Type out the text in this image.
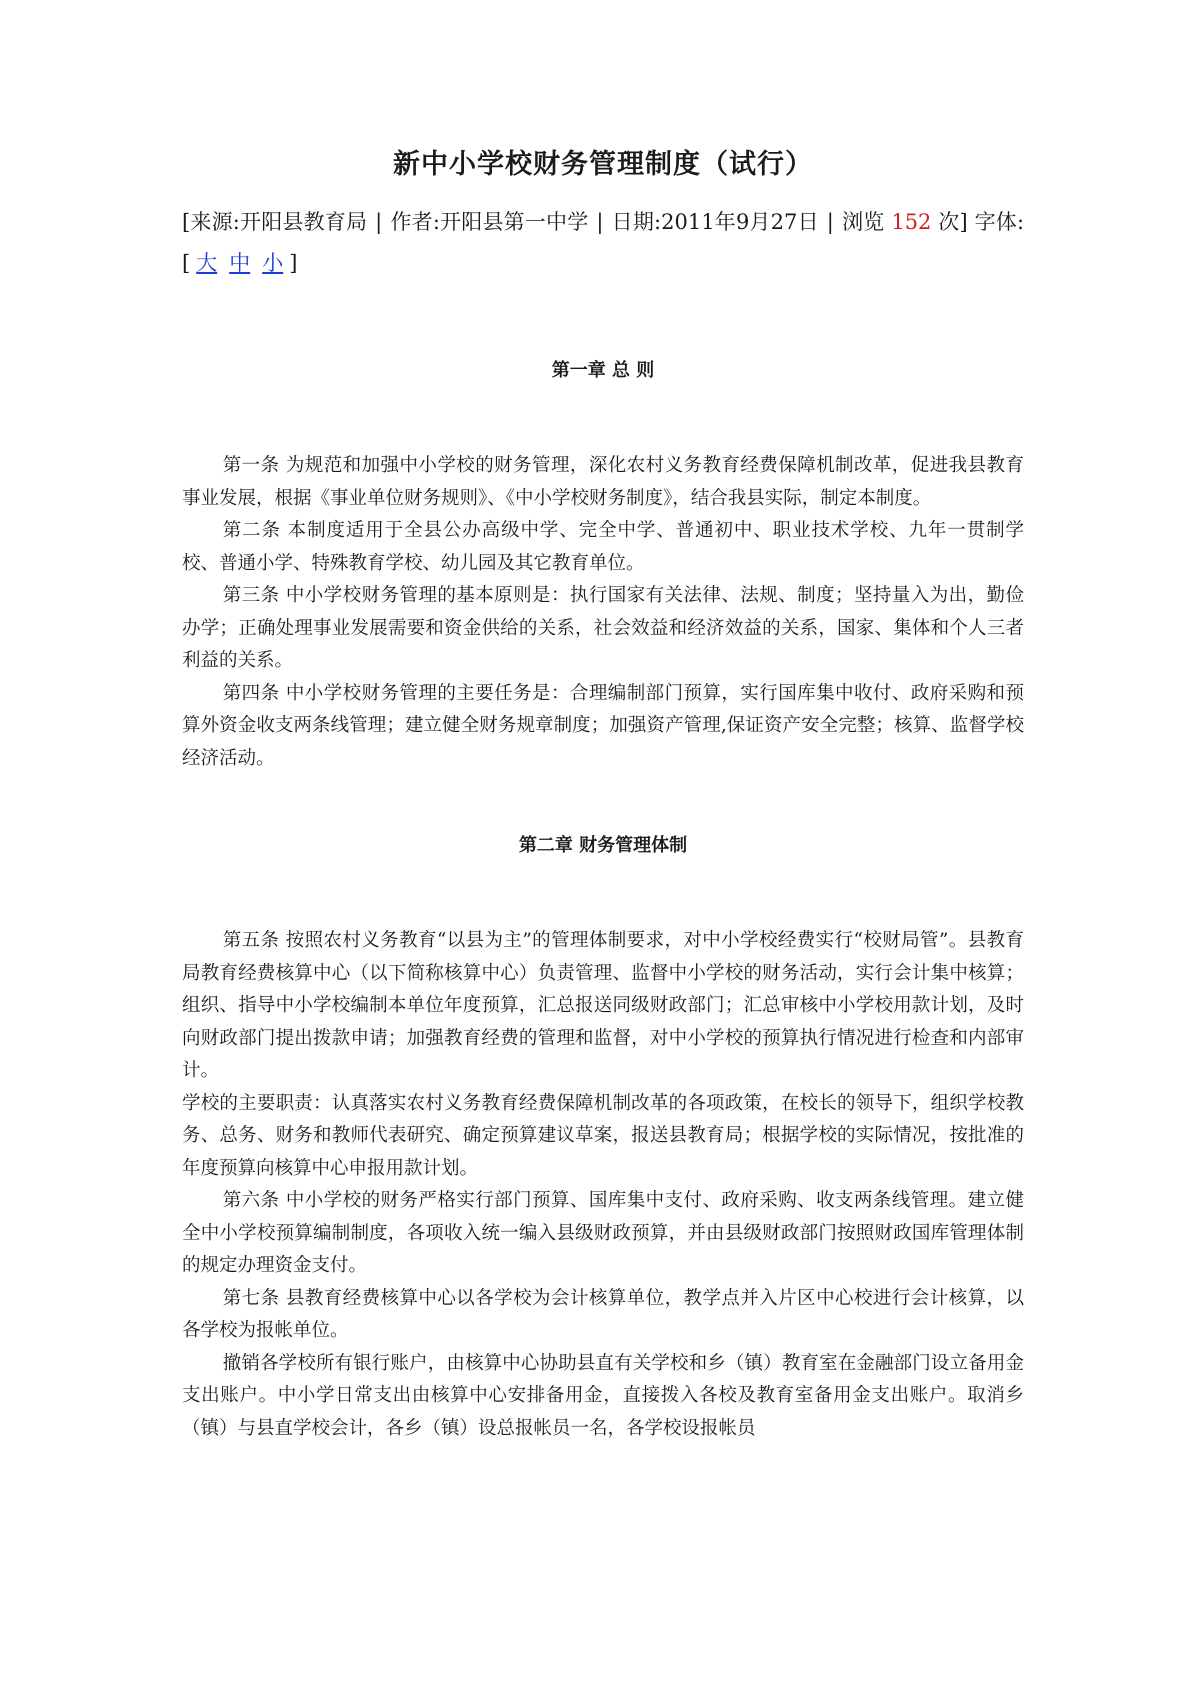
新中小学校财务管理制度（试行）

[来源:开阳县教育局 | 作者:开阳县第一中学 | 日期:2011年9月27日 | 浏览 152 次] 字体:[ 大 中 小 ]

第一章 总 则

第一条 为规范和加强中小学校的财务管理，深化农村义务教育经费保障机制改革，促进我县教育事业发展，根据《事业单位财务规则》、《中小学校财务制度》，结合我县实际，制定本制度。

第二条 本制度适用于全县公办高级中学、完全中学、普通初中、职业技术学校、九年一贯制学校、普通小学、特殊教育学校、幼儿园及其它教育单位。

第三条 中小学校财务管理的基本原则是：执行国家有关法律、法规、制度；坚持量入为出，勤俭办学；正确处理事业发展需要和资金供给的关系，社会效益和经济效益的关系，国家、集体和个人三者利益的关系。

第四条 中小学校财务管理的主要任务是：合理编制部门预算，实行国库集中收付、政府采购和预算外资金收支两条线管理；建立健全财务规章制度；加强资产管理,保证资产安全完整；核算、监督学校经济活动。

第二章 财务管理体制

第五条 按照农村义务教育“以县为主”的管理体制要求，对中小学校经费实行“校财局管”。县教育局教育经费核算中心（以下简称核算中心）负责管理、监督中小学校的财务活动，实行会计集中核算；组织、指导中小学校编制本单位年度预算，汇总报送同级财政部门；汇总审核中小学校用款计划，及时向财政部门提出拨款申请；加强教育经费的管理和监督，对中小学校的预算执行情况进行检查和内部审计。

学校的主要职责：认真落实农村义务教育经费保障机制改革的各项政策，在校长的领导下，组织学校教务、总务、财务和教师代表研究、确定预算建议草案，报送县教育局；根据学校的实际情况，按批准的年度预算向核算中心申报用款计划。

第六条 中小学校的财务严格实行部门预算、国库集中支付、政府采购、收支两条线管理。建立健全中小学校预算编制制度，各项收入统一编入县级财政预算，并由县级财政部门按照财政国库管理体制的规定办理资金支付。

第七条 县教育经费核算中心以各学校为会计核算单位，教学点并入片区中心校进行会计核算，以各学校为报帐单位。

撤销各学校所有银行账户，由核算中心协助县直有关学校和乡（镇）教育室在金融部门设立备用金支出账户。中小学日常支出由核算中心安排备用金，直接拨入各校及教育室备用金支出账户。取消乡（镇）与县直学校会计，各乡（镇）设总报帐员一名，各学校设报帐员
